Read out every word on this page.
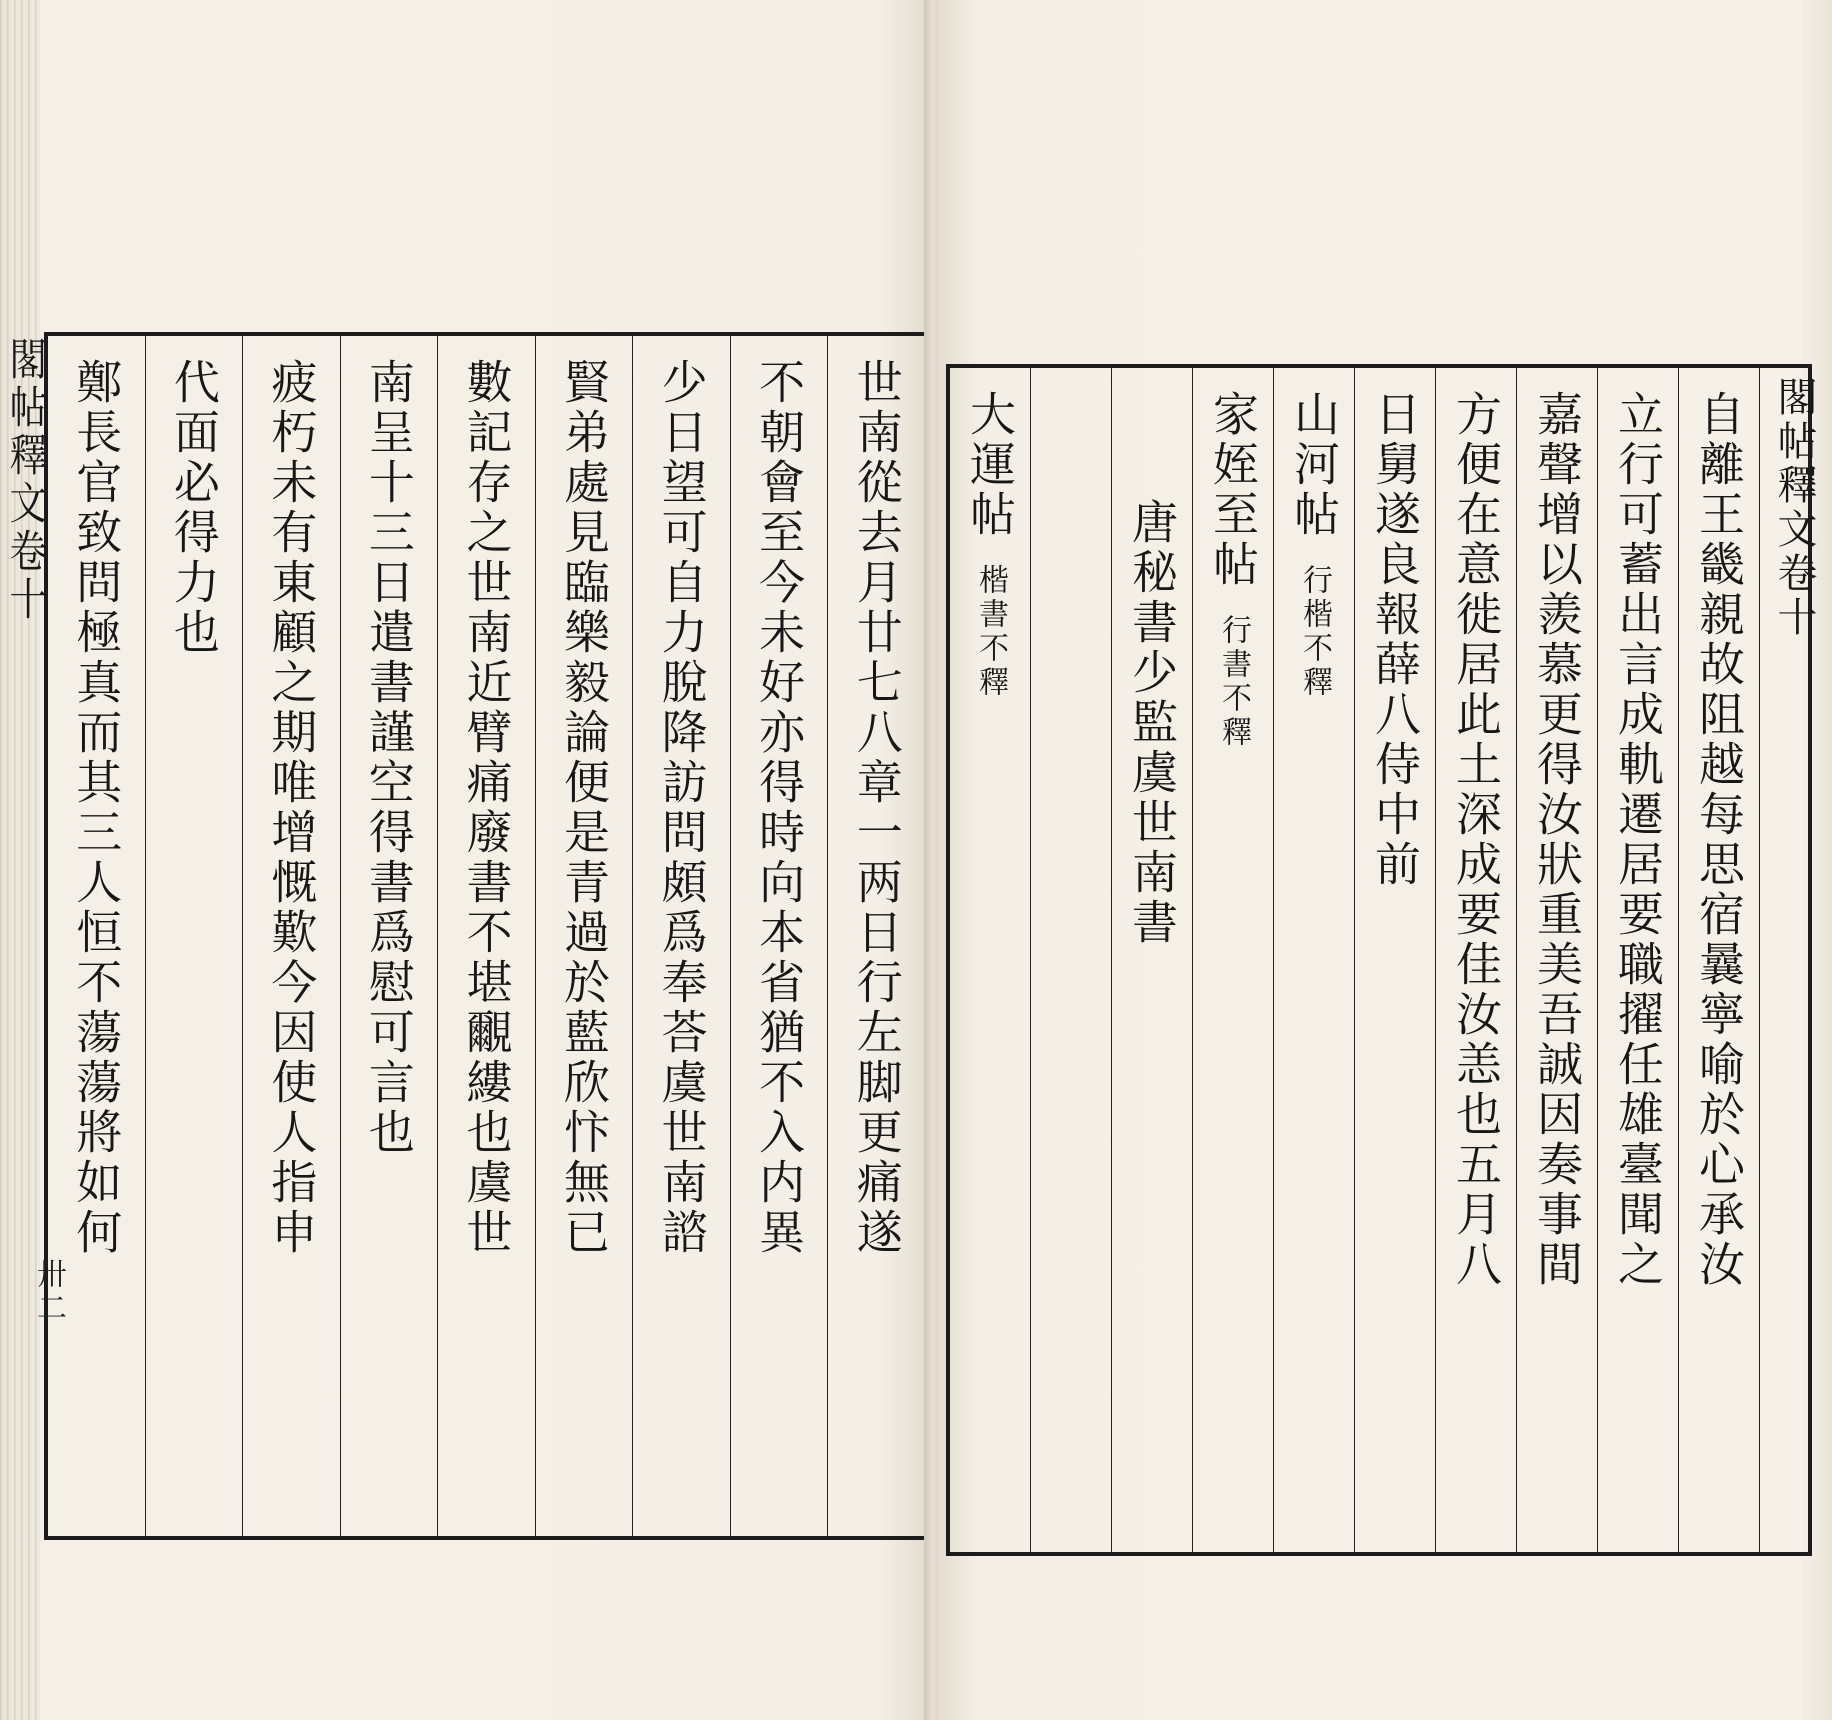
世南從去月廿七八章一两日行左脚更痛遂
不朝會至今未好亦得時向本省猶不入内異
少日望可自力脫降訪問頗爲奉荅虞世南諮
賢弟處見臨樂毅論便是青過於藍欣忭無已
數記存之世南近臂痛廢書不堪覼縷也虞世
南呈十三日遣書謹空得書爲慰可言也
疲朽未有東顧之期唯增慨歎今因使人指申
代面必得力也
鄭長官致問極真而其三人恒不蕩蕩將如何
閣帖釋文卷十
卅二
閣帖釋文卷十
自離王畿親故阻越每思宿曩寧喻於心承汝
立行可蓄出言成軌遷居要職擢任雄臺聞之
嘉聲增以羨慕更得汝狀重美吾誠因奏事間
方便在意徙居此土深成要佳汝恙也五月八
日舅遂良報薛八侍中前
山河帖
行楷不釋
家姪至帖
行書不釋
唐秘書少監虞世南書
大運帖
楷書不釋
